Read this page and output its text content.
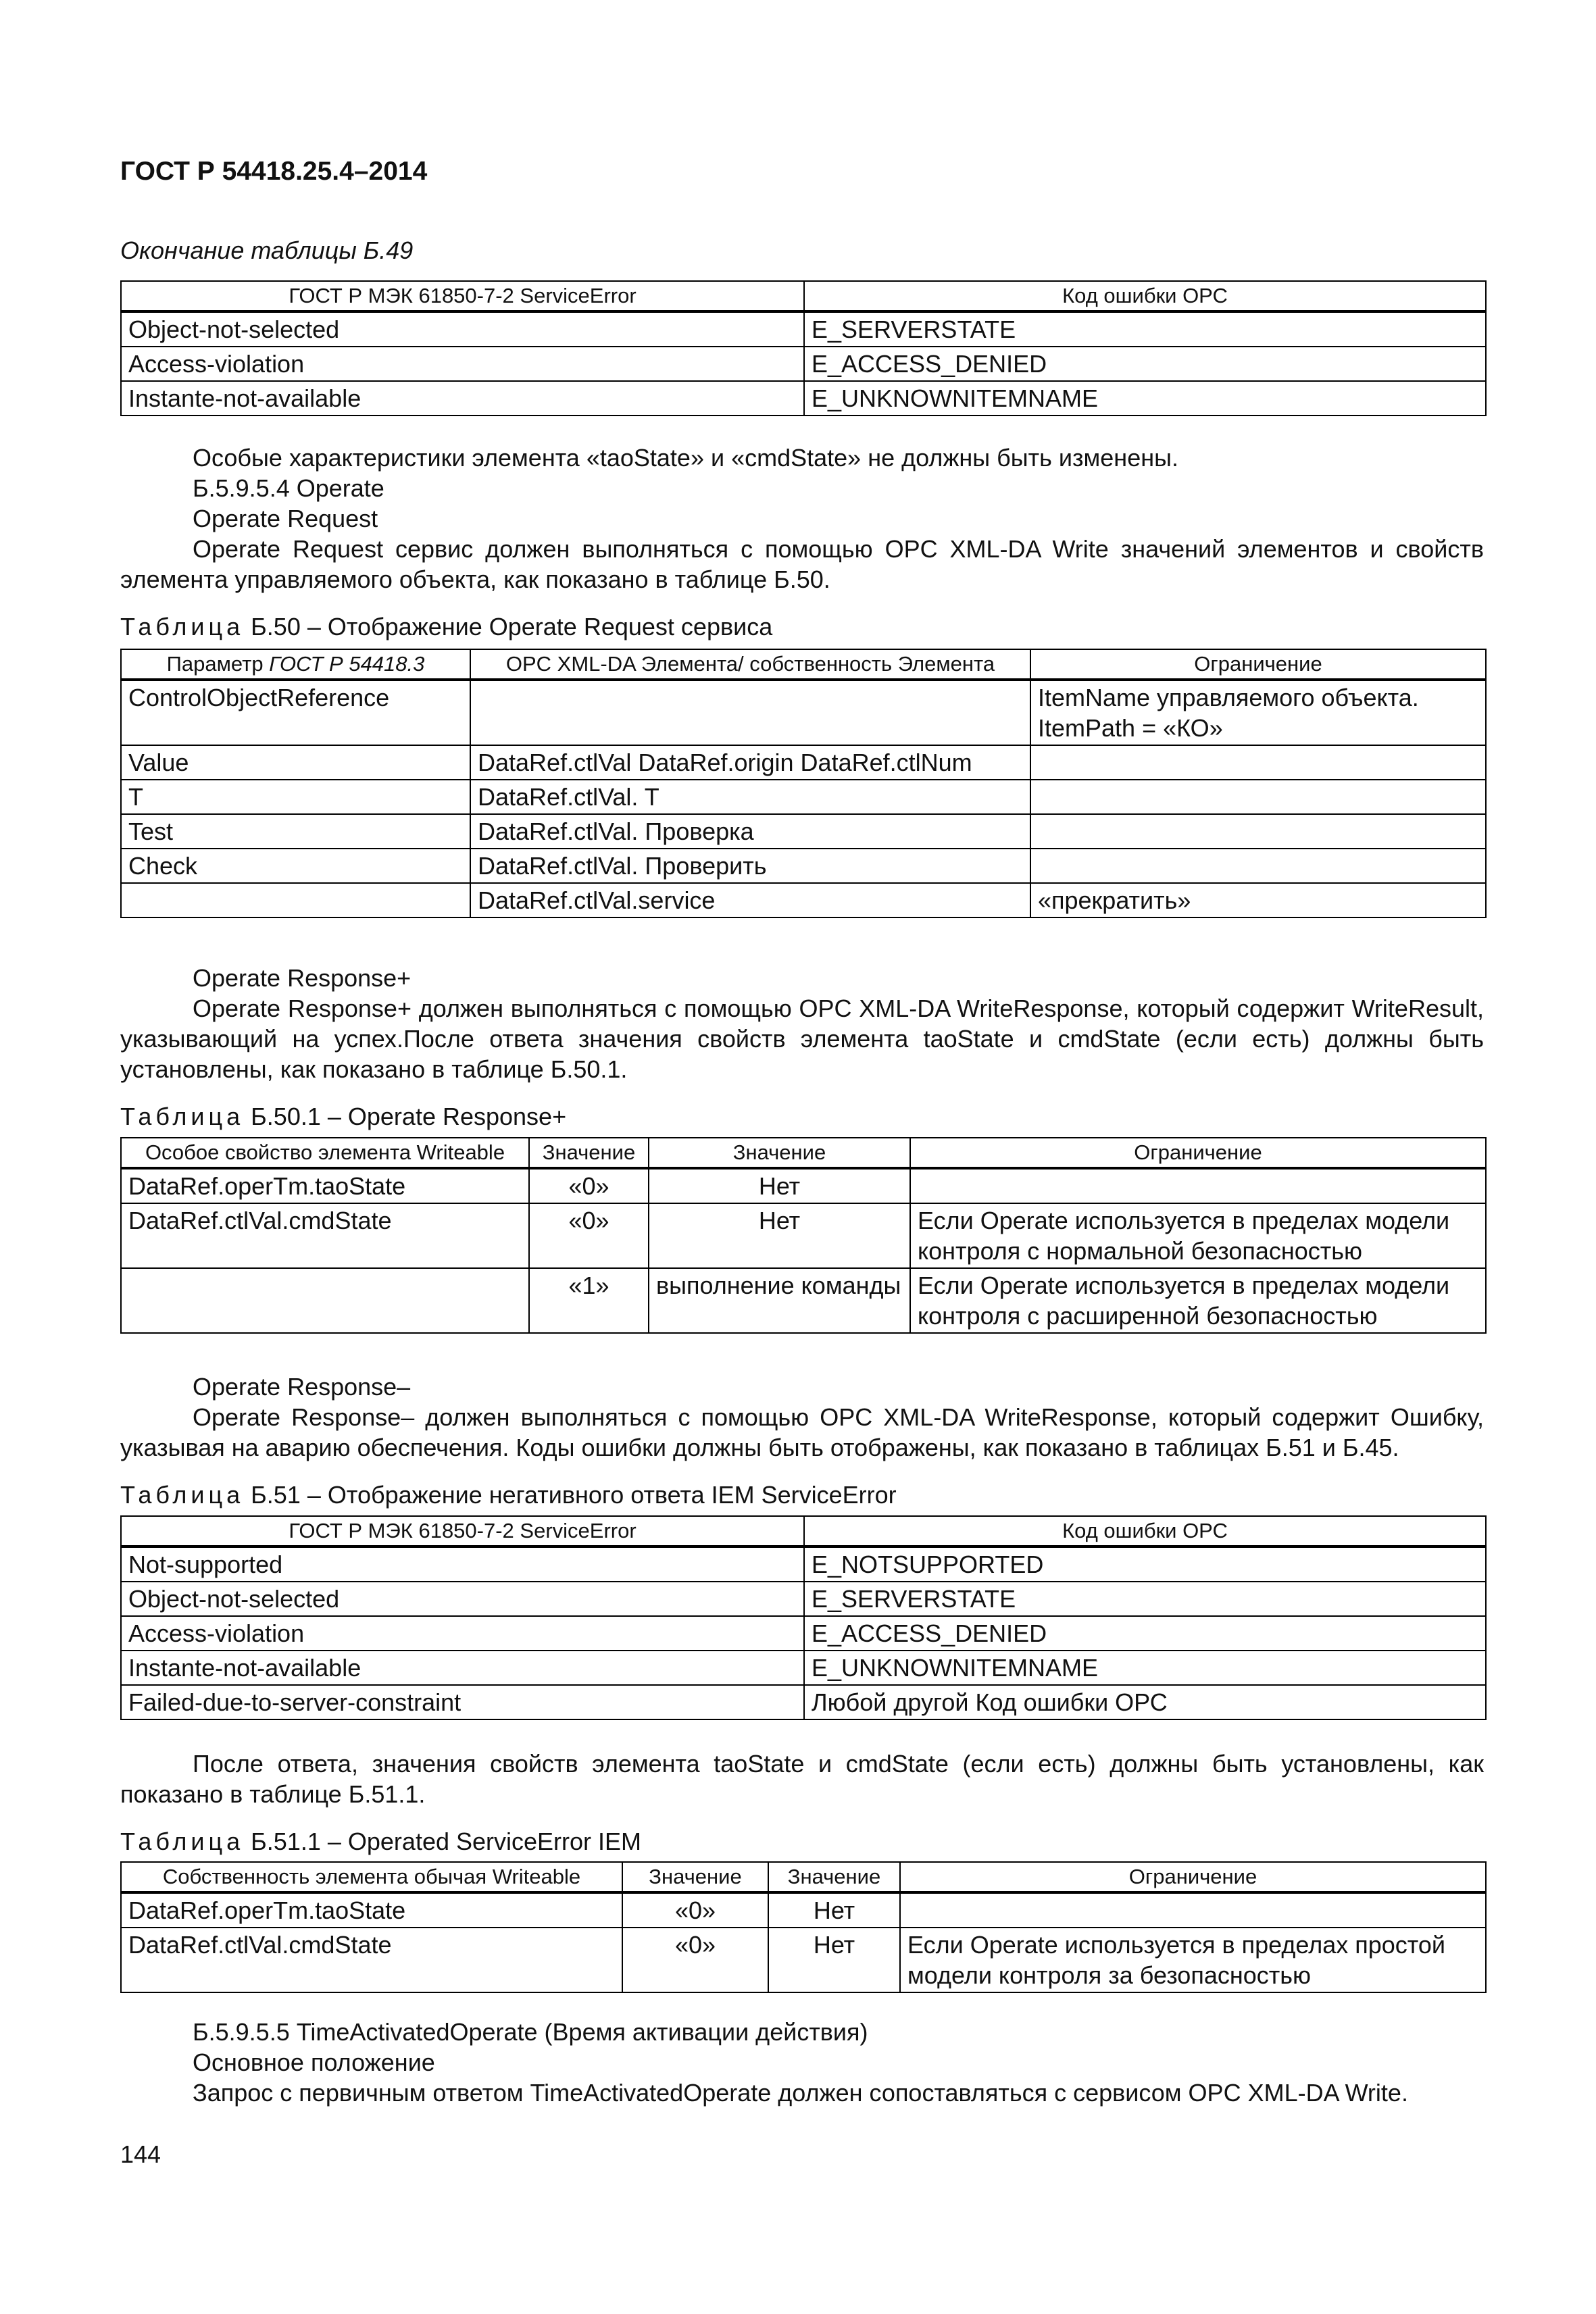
ГОСТ Р 54418.25.4–2014
Окончание таблицы Б.49
ГОСТ Р МЭК 61850-7-2 ServiceError	Код ошибки ОРС
Object-not-selected	E_SERVERSTATE
Access-violation	E_ACCESS_DENIED
Instante-not-available	E_UNKNOWNITEMNAME

Особые характеристики элемента «taoState» и «cmdState» не должны быть изменены.

Б.5.9.5.4 Operate

Operate Request

Operate Request сервис должен выполняться с помощью OPC XML-DA Write значений элементов и свойств элемента управляемого объекта, как показано в таблице Б.50.

Таблица Б.50 – Отображение Operate Request сервиса
Параметр ГОСТ Р 54418.3	OPC XML-DA Элемента/ собственность Элемента	Ограничение
ControlObjectReference		ItemName управляемого объекта. ItemPath = «КО»
Value	DataRef.ctlVal DataRef.origin DataRef.ctlNum	
T	DataRef.ctlVal. T	
Test	DataRef.ctlVal. Проверка	
Check	DataRef.ctlVal. Проверить	
	DataRef.ctlVal.service	«прекратить»

Operate Response+

Operate Response+ должен выполняться с помощью OPC XML-DA WriteResponse, который содержит WriteResult, указывающий на успех.После ответа значения свойств элемента taoState и cmdState (если есть) должны быть установлены, как показано в таблице Б.50.1.

Таблица Б.50.1 – Operate Response+
Особое свойство элемента Writeable	Значение	Значение	Ограничение
DataRef.operTm.taoState	«0»	Нет	
DataRef.ctlVal.cmdState	«0»	Нет	Если Operate используется в пределах модели контроля с нормальной безопасностью
	«1»	выполнение команды	Если Operate используется в пределах модели контроля с расширенной безопасностью

Operate Response–

Operate Response– должен выполняться с помощью OPC XML-DA WriteResponse, который содержит Ошибку, указывая на аварию обеспечения. Коды ошибки должны быть отображены, как показано в таблицах Б.51 и Б.45.

Таблица Б.51 – Отображение негативного ответа IEM ServiceError
ГОСТ Р МЭК 61850-7-2 ServiceError	Код ошибки ОРС
Not-supported	E_NOTSUPPORTED
Object-not-selected	E_SERVERSTATE
Access-violation	E_ACCESS_DENIED
Instante-not-available	E_UNKNOWNITEMNAME
Failed-due-to-server-constraint	Любой другой Код ошибки ОРС

После ответа, значения свойств элемента taoState и cmdState (если есть) должны быть установлены, как показано в таблице Б.51.1.

Таблица Б.51.1 – Operated ServiceError IEM
Собственность элемента обычая Writeable	Значение	Значение	Ограничение
DataRef.operTm.taoState	«0»	Нет	
DataRef.ctlVal.cmdState	«0»	Нет	Если Operate используется в пределах простой модели контроля за безопасностью

Б.5.9.5.5 TimeActivatedOperate (Время активации действия)

Основное положение

Запрос с первичным ответом TimeActivatedOperate должен сопоставляться с сервисом OPC XML-DA Write.

144
